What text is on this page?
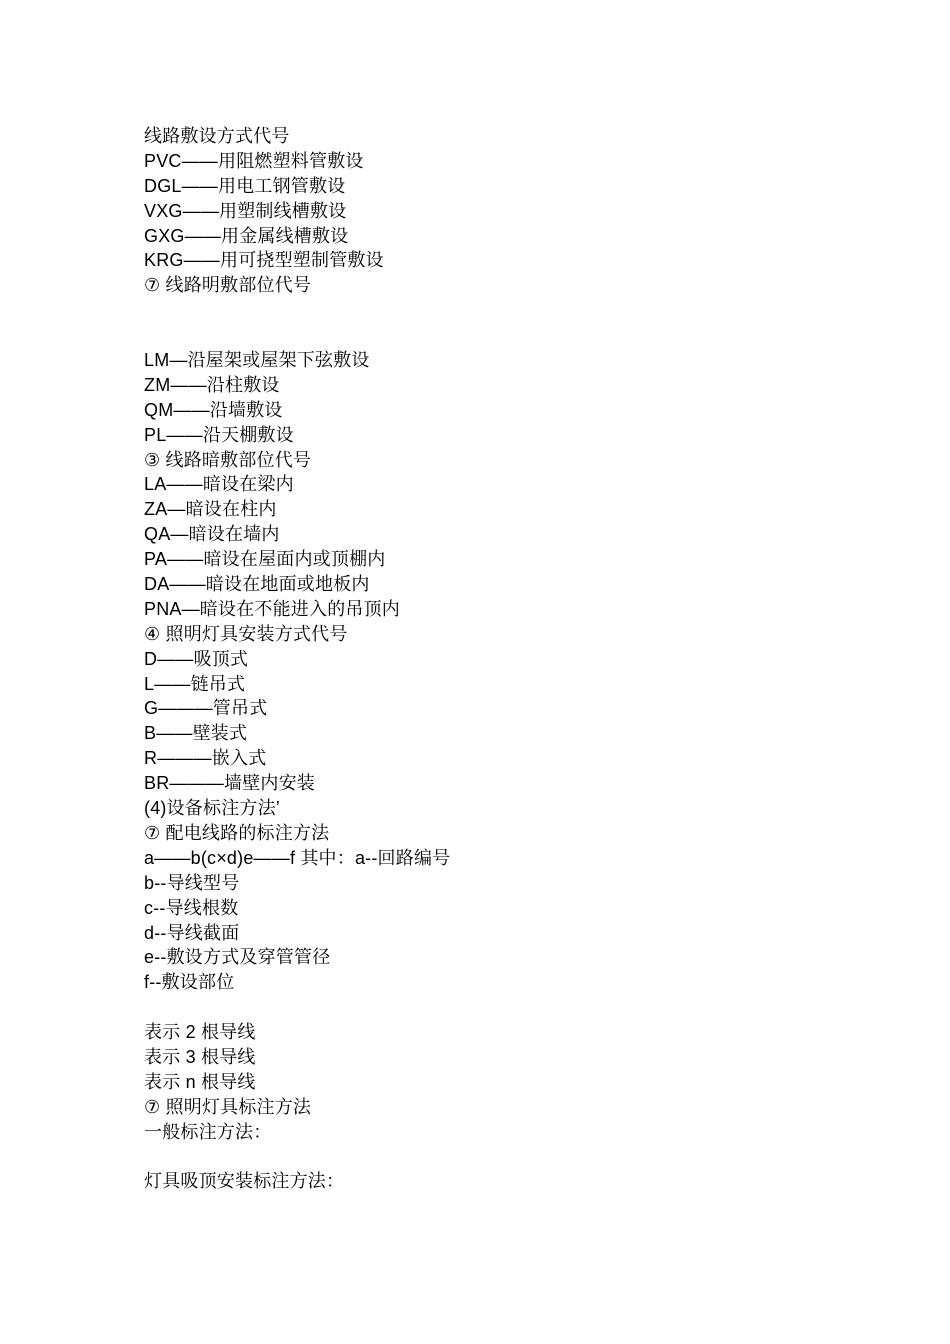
线路敷设方式代号
PVC——用阻燃塑料管敷设
DGL——用电工钢管敷设
VXG——用塑制线槽敷设
GXG——用金属线槽敷设
KRG——用可挠型塑制管敷设
⑦ 线路明敷部位代号
LM—沿屋架或屋架下弦敷设
ZM——沿柱敷设
QM——沿墙敷设
PL——沿天棚敷设
③ 线路暗敷部位代号
LA——暗设在梁内
ZA—暗设在柱内
QA—暗设在墙内
PA——暗设在屋面内或顶棚内
DA——暗设在地面或地板内
PNA—暗设在不能进入的吊顶内
④ 照明灯具安装方式代号
D——吸顶式
L——链吊式
G———管吊式
B——壁装式
R———嵌入式
BR———墙壁内安装
(4)设备标注方法’
⑦ 配电线路的标注方法
a——b(c×d)e——f 其中：a--回路编号
b--导线型号
c--导线根数
d--导线截面
e--敷设方式及穿管管径
f--敷设部位
表示 2 根导线
表示 3 根导线
表示 n 根导线
⑦ 照明灯具标注方法
一般标注方法：
灯具吸顶安装标注方法：
